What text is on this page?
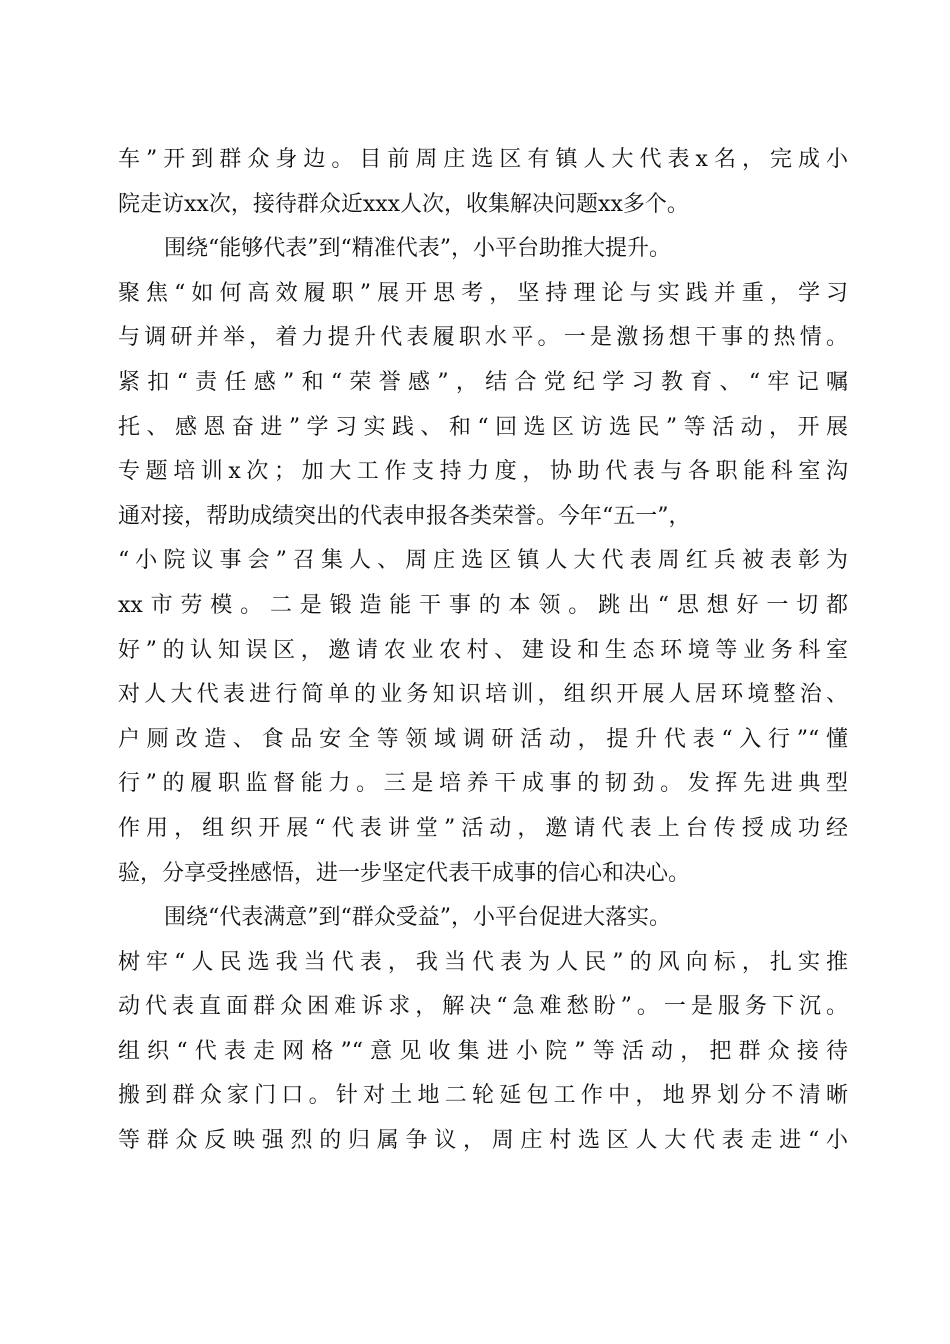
车”开到群众身边。目前周庄选区有镇人大代表x名，完成小
院走访xx次，接待群众近xxx人次，收集解决问题xx多个。
围绕“能够代表”到“精准代表”，小平台助推大提升。
聚焦“如何高效履职”展开思考，坚持理论与实践并重，学习
与调研并举，着力提升代表履职水平。一是激扬想干事的热情。
紧扣“责任感”和“荣誉感”，结合党纪学习教育、“牢记嘱
托、感恩奋进”学习实践、和“回选区访选民”等活动，开展
专题培训x次；加大工作支持力度，协助代表与各职能科室沟
通对接，帮助成绩突出的代表申报各类荣誉。今年“五一”，
“小院议事会”召集人、周庄选区镇人大代表周红兵被表彰为
xx市劳模。二是锻造能干事的本领。跳出“思想好一切都
好”的认知误区，邀请农业农村、建设和生态环境等业务科室
对人大代表进行简单的业务知识培训，组织开展人居环境整治、
户厕改造、食品安全等领域调研活动，提升代表“入行”“懂
行”的履职监督能力。三是培养干成事的韧劲。发挥先进典型
作用，组织开展“代表讲堂”活动，邀请代表上台传授成功经
验，分享受挫感悟，进一步坚定代表干成事的信心和决心。
围绕“代表满意”到“群众受益”，小平台促进大落实。
树牢“人民选我当代表，我当代表为人民”的风向标，扎实推
动代表直面群众困难诉求，解决“急难愁盼”。一是服务下沉。
组织“代表走网格”“意见收集进小院”等活动，把群众接待
搬到群众家门口。针对土地二轮延包工作中，地界划分不清晰
等群众反映强烈的归属争议，周庄村选区人大代表走进“小
